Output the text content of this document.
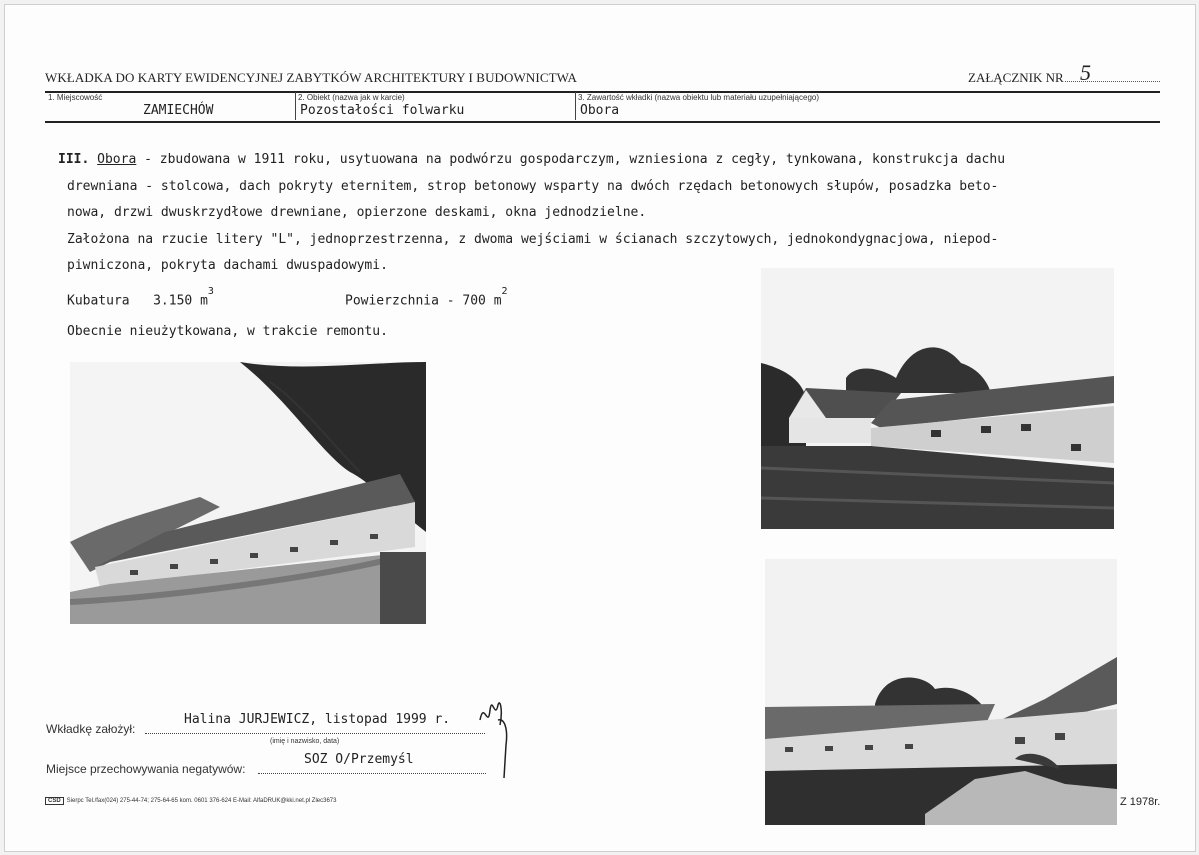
WKŁADKA DO KARTY EWIDENCYJNEJ ZABYTKÓW ARCHITEKTURY I BUDOWNICTWA	ZAŁĄCZNIK NR 5
1. Miejscowość
ZAMIECHÓW
2. Obiekt (nazwa jak w karcie)
Pozostałości folwarku
3. Zawartość wkładki (nazwa obiektu lub materiału uzupełniającego)
Obora
III. Obora - zbudowana w 1911 roku, usytuowana na podwórzu gospodarczym, wzniesiona z cegły, tynkowana, konstrukcja dachu
drewniana - stolcowa, dach pokryty eternitem, strop betonowy wsparty na dwóch rzędach betonowych słupów, posadzka beto-
nowa, drzwi dwuskrzydłowe drewniane, opierzone deskami, okna jednodzielne.
Założona na rzucie litery "L", jednoprzestrzenna, z dwoma wejściami w ścianach szczytowych, jednokondygnacjowa, niepod-
piwniczona, pokryta dachami dwuspadowymi.
Kubatura 3.150 $m^3$
Powierzchnia - 700 $m^2$
Obecnie nieużytkowana, w trakcie remontu.
Wkładkę założył:
Halina JURJEWICZ, listopad 1999 r.
(imię i nazwisko, data)
Miejsce przechowywania negatywów:
SOZ O/Przemyśl
CSD Sierpc Tel./fax(024) 275-44-74; 275-64-65 kom. 0601 376-624 E-Mail: AlfaDRUK@kki.net.pl Zlec3673	Z 1978r.
